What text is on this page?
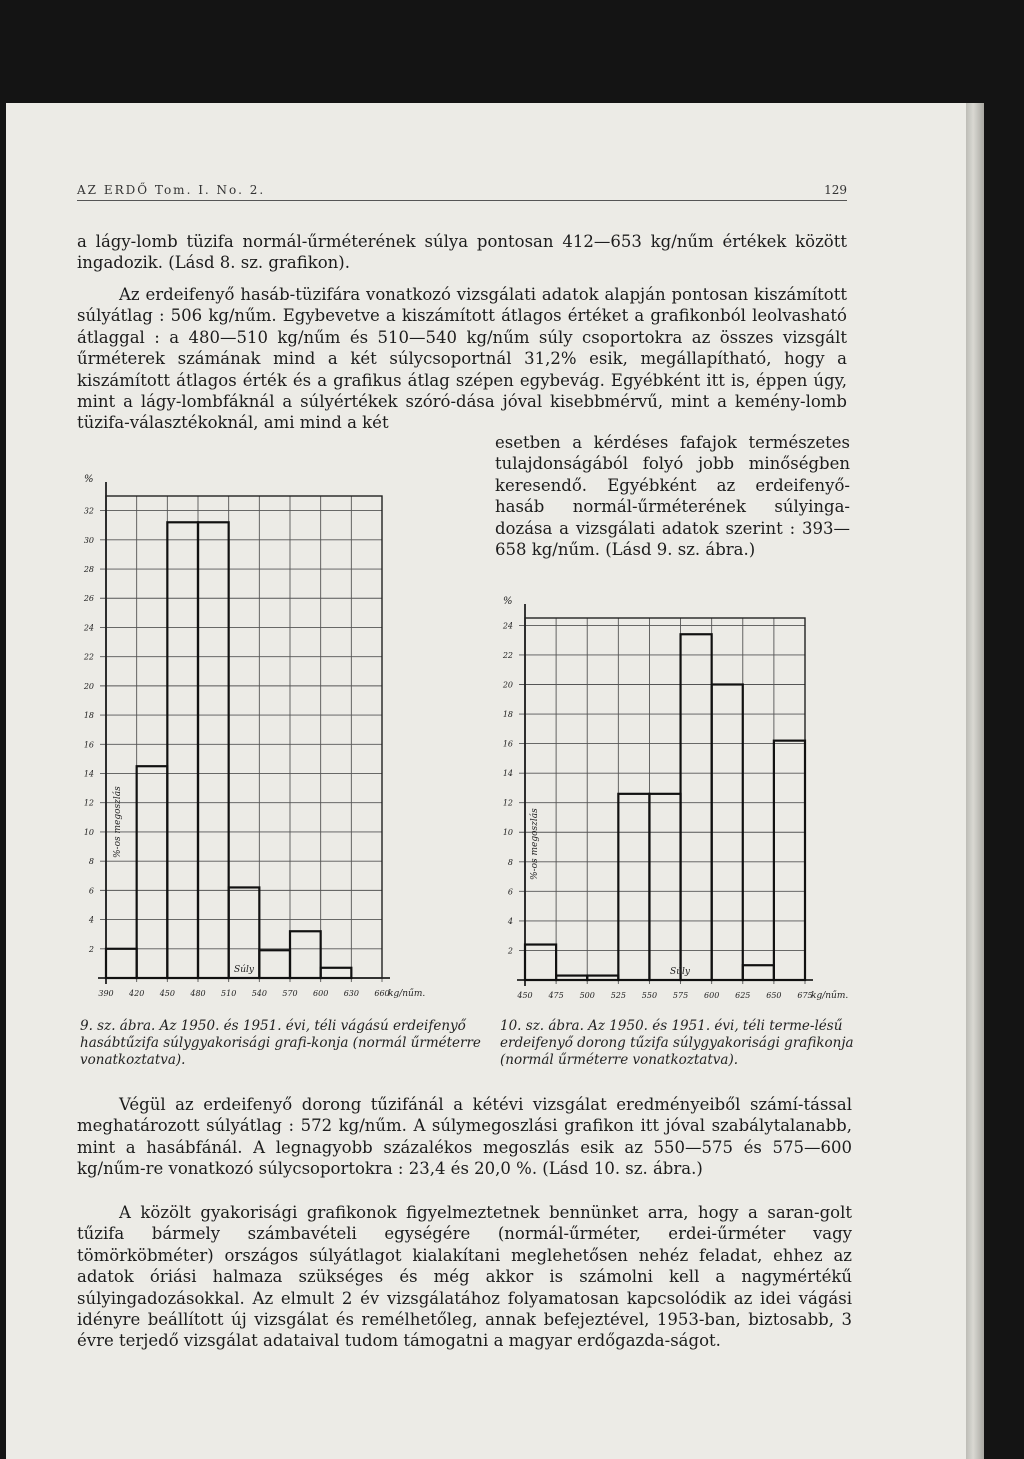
AZ ERDŐ Tom. I. No. 2.	129

a lágy-lomb tüzifa normál-űrméterének súlya pontosan 412—653 kg/nűm értékek között ingadozik. (Lásd 8. sz. grafikon).

Az erdeifenyő hasáb-tüzifára vonatkozó vizsgálati adatok alapján pontosan kiszámított súlyátlag : 506 kg/nűm. Egybevetve a kiszámított átlagos értéket a grafikonból leolvasható átlaggal : a 480—510 kg/nűm és 510—540 kg/nűm súly csoportokra az összes vizsgált űrméterek számának mind a két súlycsoportnál 31,2% esik, megállapítható, hogy a kiszámított átlagos érték és a grafikus átlag szépen egybevág. Egyébként itt is, éppen úgy, mint a lágy-lombfáknál a súlyértékek szóró-dása jóval kisebbmérvű, mint a kemény-lomb tüzifa-választékoknál, ami mind a két

esetben a kérdéses fafajok természetes tulajdonságából folyó jobb minőségben keresendő. Egyébként az erdeifenyő-hasáb normál-űrméterének súlyinga-dozása a vizsgálati adatok szerint : 393—658 kg/nűm. (Lásd 9. sz. ábra.)

2
4
6
8
10
12
14
16
18
20
22
24
26
28
30
32
390 420 450 480 510 540 570 600 630 660
kg/nűm.
%
%-os megoszlás
Súly
2
4
6
8
10
12
14
16
18
20
22
24
450 475 500 525 550 575 600 625 650 675
kg/nűm.
%
%-os megoszlás
Súly

9. sz. ábra. Az 1950. és 1951. évi, téli vágású erdeifenyő hasábtűzifa súlygyakorisági grafi-konja (normál űrméterre vonatkoztatva).

10. sz. ábra. Az 1950. és 1951. évi, téli terme-lésű erdeifenyő dorong tűzifa súlygyakorisági grafikonja (normál űrméterre vonatkoztatva).

Végül az erdeifenyő dorong tűzifánál a kétévi vizsgálat eredményeiből számí-tással meghatározott súlyátlag : 572 kg/nűm. A súlymegoszlási grafikon itt jóval szabálytalanabb, mint a hasábfánál. A legnagyobb százalékos megoszlás esik az 550—575 és 575—600 kg/nűm-re vonatkozó súlycsoportokra : 23,4 és 20,0 %. (Lásd 10. sz. ábra.)

A közölt gyakorisági grafikonok figyelmeztetnek bennünket arra, hogy a saran-golt tűzifa bármely számbavételi egységére (normál-űrméter, erdei-űrméter vagy tömörköbméter) országos súlyátlagot kialakítani meglehetősen nehéz feladat, ehhez az adatok óriási halmaza szükséges és még akkor is számolni kell a nagymértékű súlyingadozásokkal. Az elmult 2 év vizsgálatához folyamatosan kapcsolódik az idei vágási idényre beállított új vizsgálat és remélhetőleg, annak befejeztével, 1953-ban, biztosabb, 3 évre terjedő vizsgálat adataival tudom támogatni a magyar erdőgazda-ságot.
